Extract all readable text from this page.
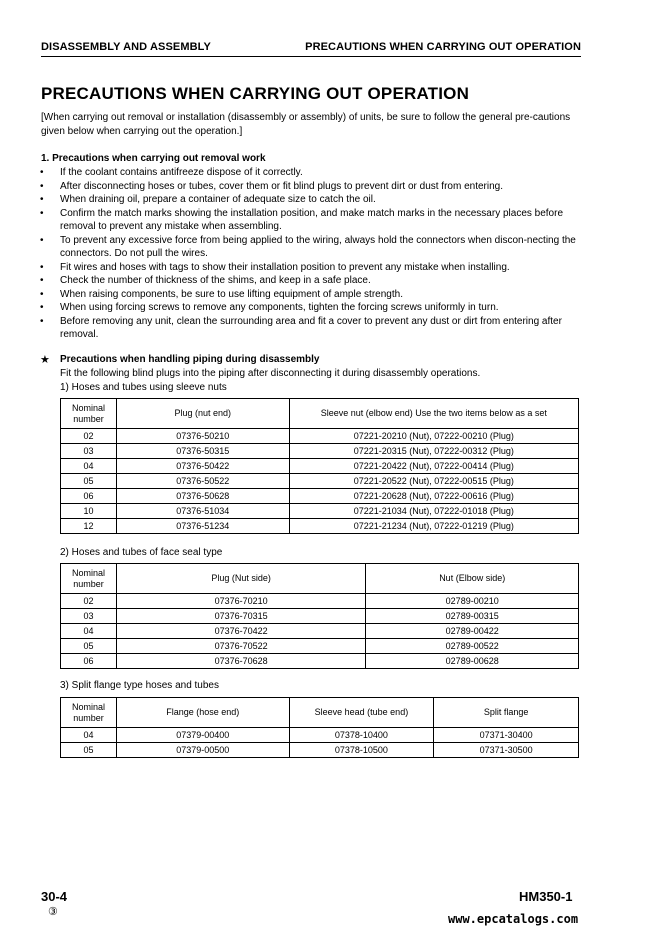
DISASSEMBLY AND ASSEMBLY	PRECAUTIONS WHEN CARRYING OUT OPERATION
PRECAUTIONS WHEN CARRYING OUT OPERATION
[When carrying out removal or installation (disassembly or assembly) of units, be sure to follow the general pre-cautions given below when carrying out the operation.]
1. Precautions when carrying out removal work
• If the coolant contains antifreeze dispose of it correctly.
• After disconnecting hoses or tubes, cover them or fit blind plugs to prevent dirt or dust from entering.
• When draining oil, prepare a container of adequate size to catch the oil.
• Confirm the match marks showing the installation position, and make match marks in the necessary places before removal to prevent any mistake when assembling.
• To prevent any excessive force from being applied to the wiring, always hold the connectors when discon-necting the connectors. Do not pull the wires.
• Fit wires and hoses with tags to show their installation position to prevent any mistake when installing.
• Check the number of thickness of the shims, and keep in a safe place.
• When raising components, be sure to use lifting equipment of ample strength.
• When using forcing screws to remove any components, tighten the forcing screws uniformly in turn.
• Before removing any unit, clean the surrounding area and fit a cover to prevent any dust or dirt from entering after removal.
★ Precautions when handling piping during disassembly
Fit the following blind plugs into the piping after disconnecting it during disassembly operations.
1) Hoses and tubes using sleeve nuts
Nominal number	Plug (nut end)	Sleeve nut (elbow end) Use the two items below as a set
02	07376-50210	07221-20210 (Nut), 07222-00210 (Plug)
03	07376-50315	07221-20315 (Nut), 07222-00312 (Plug)
04	07376-50422	07221-20422 (Nut), 07222-00414 (Plug)
05	07376-50522	07221-20522 (Nut), 07222-00515 (Plug)
06	07376-50628	07221-20628 (Nut), 07222-00616 (Plug)
10	07376-51034	07221-21034 (Nut), 07222-01018 (Plug)
12	07376-51234	07221-21234 (Nut), 07222-01219 (Plug)
2) Hoses and tubes of face seal type
Nominal number	Plug (Nut side)	Nut (Elbow side)
02	07376-70210	02789-00210
03	07376-70315	02789-00315
04	07376-70422	02789-00422
05	07376-70522	02789-00522
06	07376-70628	02789-00628
3) Split flange type hoses and tubes
Nominal number	Flange (hose end)	Sleeve head (tube end)	Split flange
04	07379-00400	07378-10400	07371-30400
05	07379-00500	07378-10500	07371-30500
30-4
③
HM350-1
www.epcatalogs.com
